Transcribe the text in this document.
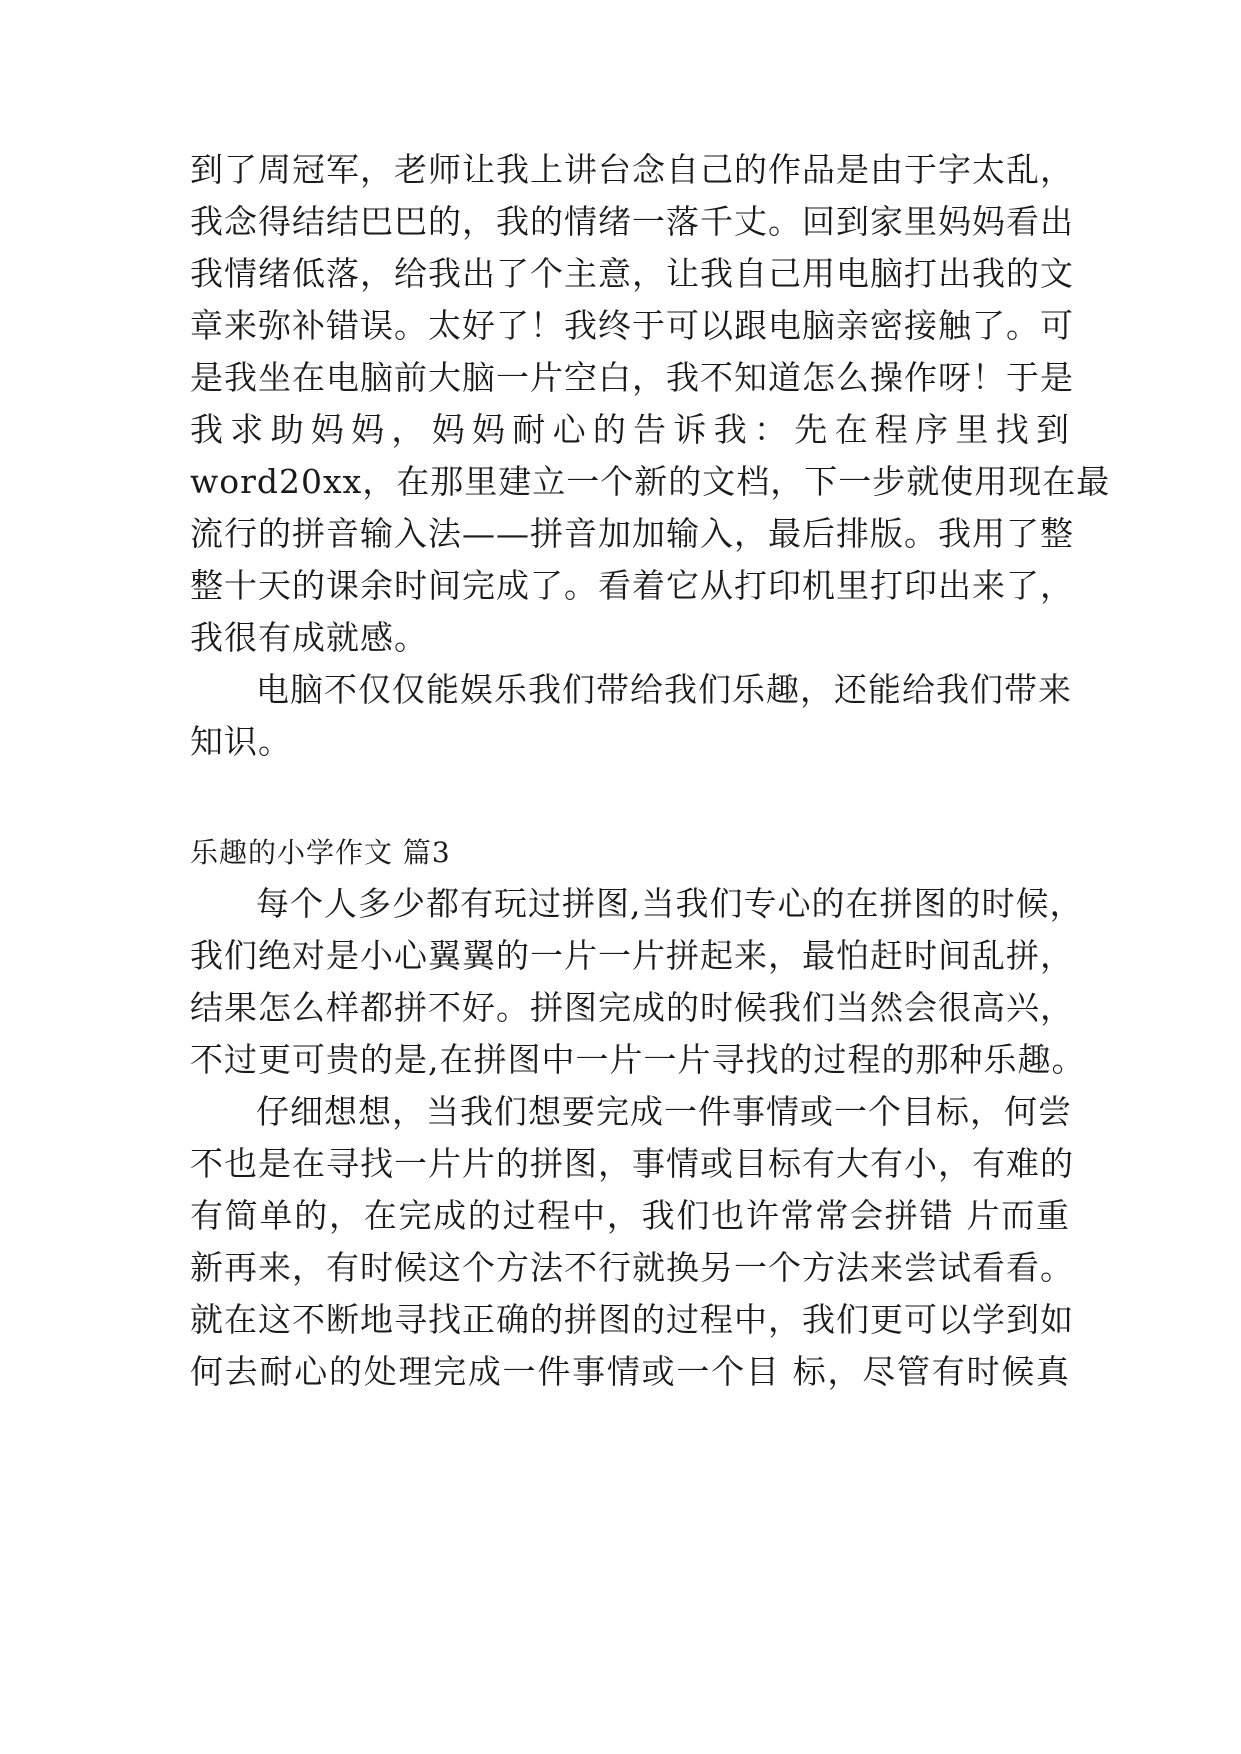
到了周冠军，老师让我上讲台念自己的作品是由于字太乱，
我念得结结巴巴的，我的情绪一落千丈。回到家里妈妈看出
我情绪低落，给我出了个主意，让我自己用电脑打出我的文
章来弥补错误。太好了！我终于可以跟电脑亲密接触了。可
是我坐在电脑前大脑一片空白，我不知道怎么操作呀！于是
我求助妈妈，妈妈耐心的告诉我：先在程序里找到
word20xx，在那里建立一个新的文档，下一步就使用现在最
流行的拼音输入法——拼音加加输入，最后排版。我用了整
整十天的课余时间完成了。看着它从打印机里打印出来了，
我很有成就感。
电脑不仅仅能娱乐我们带给我们乐趣，还能给我们带来
知识。
乐趣的小学作文 篇3
每个人多少都有玩过拼图,当我们专心的在拼图的时候，
我们绝对是小心翼翼的一片一片拼起来，最怕赶时间乱拼，
结果怎么样都拼不好。拼图完成的时候我们当然会很高兴，
不过更可贵的是,在拼图中一片一片寻找的过程的那种乐趣。
仔细想想，当我们想要完成一件事情或一个目标，何尝
不也是在寻找一片片的拼图，事情或目标有大有小，有难的
有简单的，在完成的过程中，我们也许常常会拼错 片而重
新再来，有时候这个方法不行就换另一个方法来尝试看看。
就在这不断地寻找正确的拼图的过程中，我们更可以学到如
何去耐心的处理完成一件事情或一个目 标，尽管有时候真
